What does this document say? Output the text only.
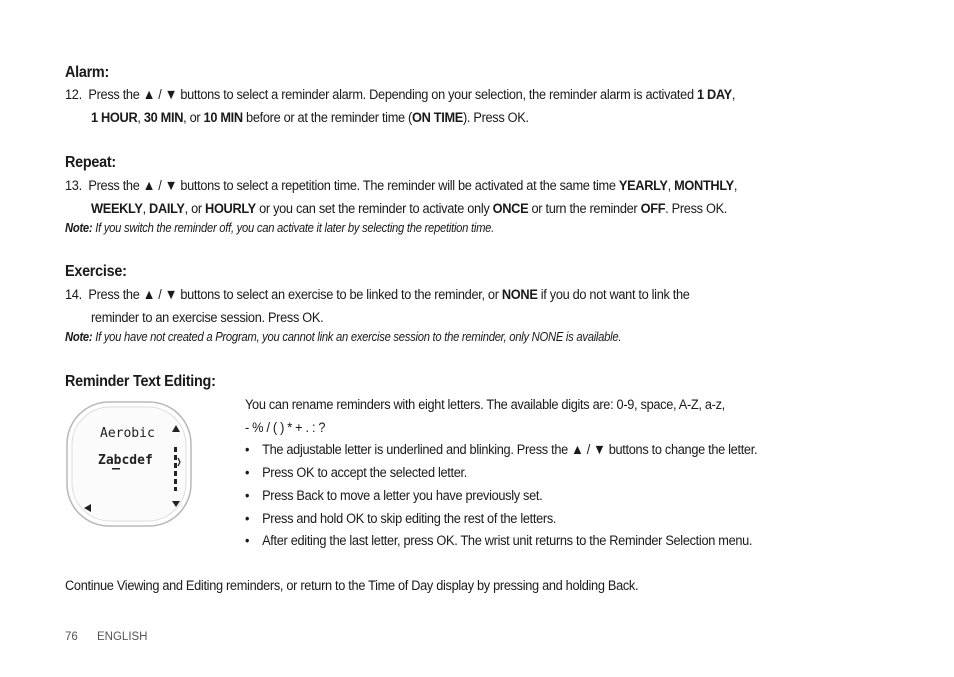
Alarm:
12. Press the ▲ / ▼ buttons to select a reminder alarm. Depending on your selection, the reminder alarm is activated 1 DAY,
1 HOUR, 30 MIN, or 10 MIN before or at the reminder time (ON TIME). Press OK.
Repeat:
13. Press the ▲ / ▼ buttons to select a repetition time. The reminder will be activated at the same time YEARLY, MONTHLY,
WEEKLY, DAILY, or HOURLY or you can set the reminder to activate only ONCE or turn the reminder OFF. Press OK.
Note: If you switch the reminder off, you can activate it later by selecting the repetition time.
Exercise:
14. Press the ▲ / ▼ buttons to select an exercise to be linked to the reminder, or NONE if you do not want to link the
reminder to an exercise session. Press OK.
Note: If you have not created a Program, you cannot link an exercise session to the reminder, only NONE is available.
Reminder Text Editing:
Aerobic
Zabcdef
You can rename reminders with eight letters. The available digits are: 0-9, space, A-Z, a-z,
- % / ( ) * + . : ?
• The adjustable letter is underlined and blinking. Press the ▲ / ▼ buttons to change the letter.
• Press OK to accept the selected letter.
• Press Back to move a letter you have previously set.
• Press and hold OK to skip editing the rest of the letters.
• After editing the last letter, press OK. The wrist unit returns to the Reminder Selection menu.
Continue Viewing and Editing reminders, or return to the Time of Day display by pressing and holding Back.
76 ENGLISH
